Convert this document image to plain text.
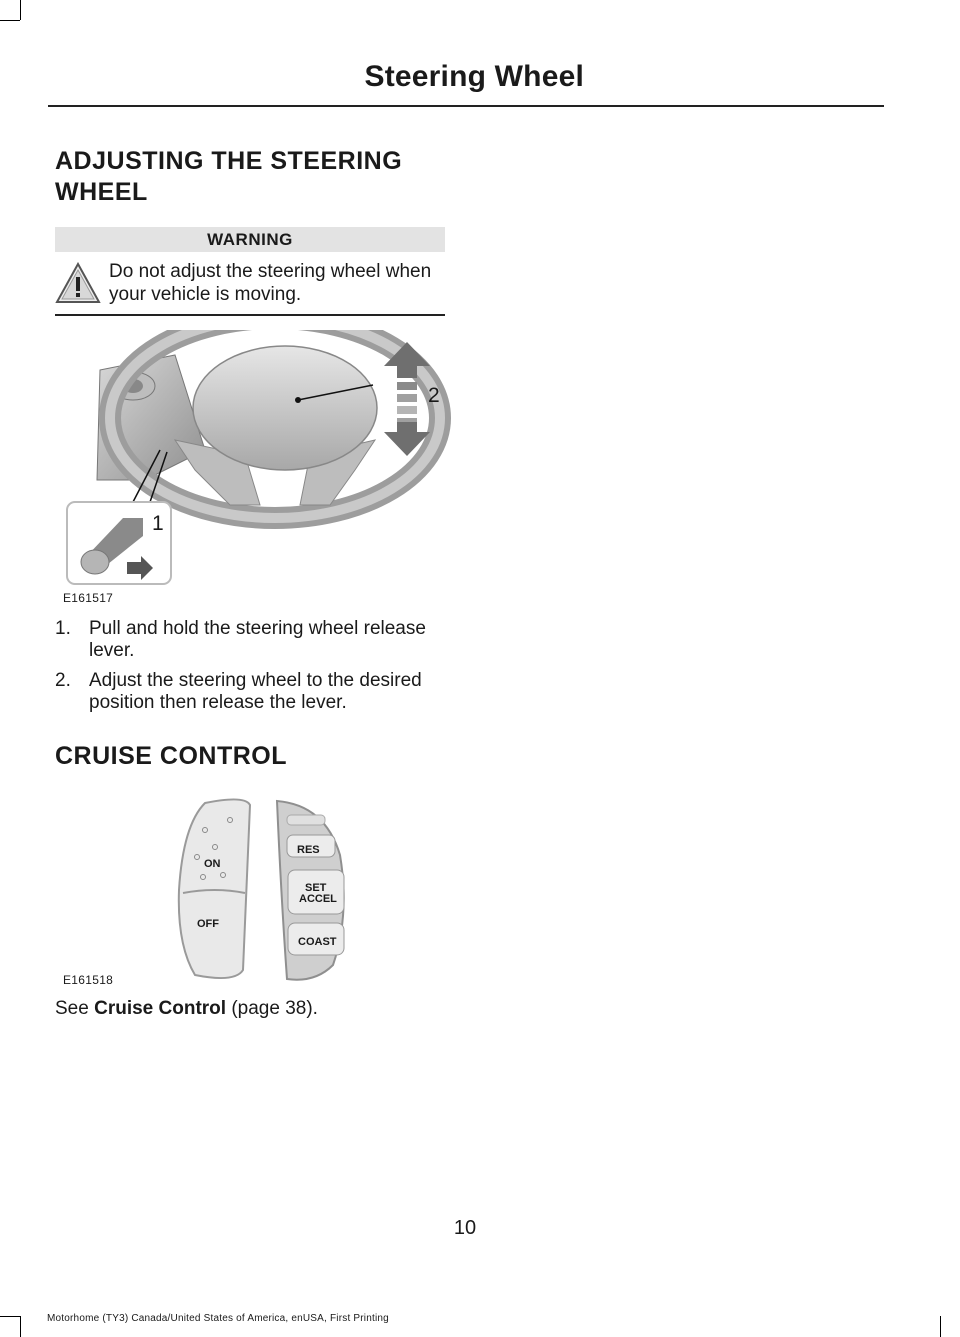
Steering Wheel
ADJUSTING THE STEERING
WHEEL
WARNING
Do not adjust the steering wheel when your vehicle is moving.
2
1
E161517
1. Pull and hold the steering wheel release lever.
2. Adjust the steering wheel to the desired position then release the lever.
CRUISE CONTROL
ON
OFF
RES
SET
ACCEL
COAST
E161518
See Cruise Control (page 38).
10
Motorhome (TY3) Canada/United States of America, enUSA, First Printing
